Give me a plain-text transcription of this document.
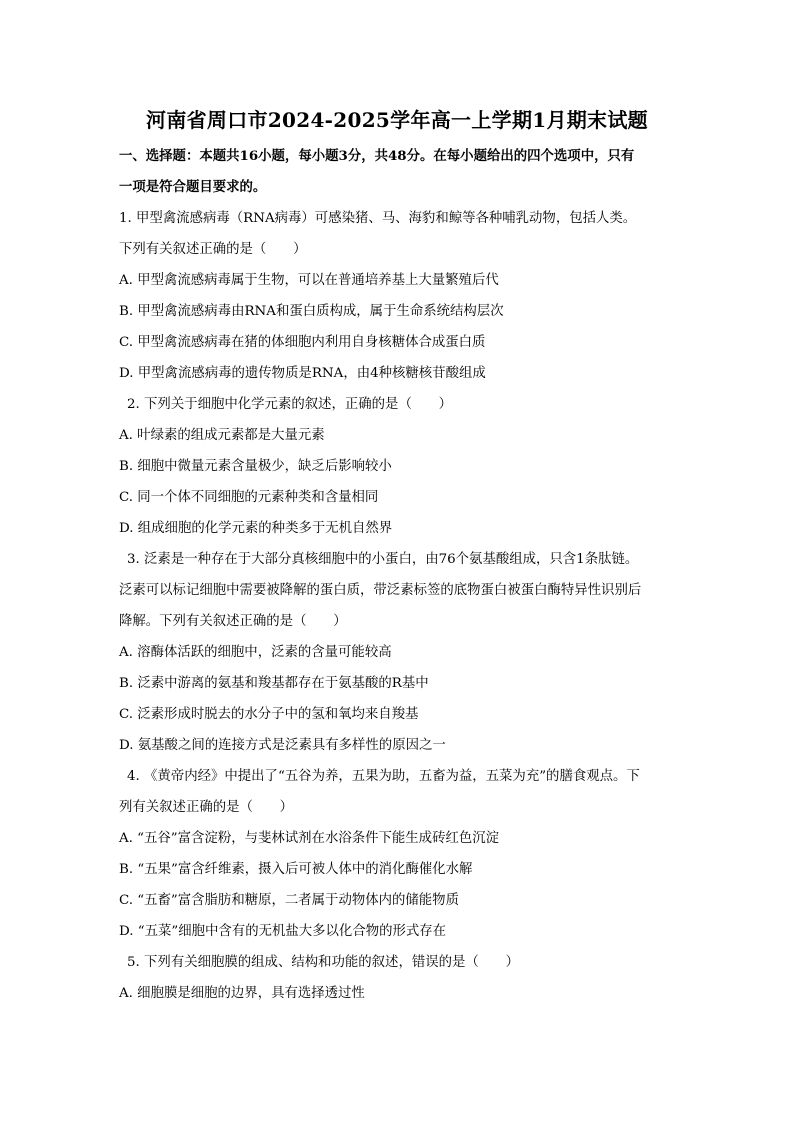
河南省周口市2024-2025学年高一上学期1月期末试题
一、选择题：本题共16小题，每小题3分，共48分。在每小题给出的四个选项中，只有
一项是符合题目要求的。
1. 甲型禽流感病毒（RNA病毒）可感染猪、马、海豹和鲸等各种哺乳动物，包括人类。
下列有关叙述正确的是（　　）
A. 甲型禽流感病毒属于生物，可以在普通培养基上大量繁殖后代
B. 甲型禽流感病毒由RNA和蛋白质构成，属于生命系统结构层次
C. 甲型禽流感病毒在猪的体细胞内利用自身核糖体合成蛋白质
D. 甲型禽流感病毒的遗传物质是RNA，由4种核糖核苷酸组成
2. 下列关于细胞中化学元素的叙述，正确的是（　　）
A. 叶绿素的组成元素都是大量元素
B. 细胞中微量元素含量极少，缺乏后影响较小
C. 同一个体不同细胞的元素种类和含量相同
D. 组成细胞的化学元素的种类多于无机自然界
3. 泛素是一种存在于大部分真核细胞中的小蛋白，由76个氨基酸组成，只含1条肽链。
泛素可以标记细胞中需要被降解的蛋白质，带泛素标签的底物蛋白被蛋白酶特异性识别后
降解。下列有关叙述正确的是（　　）
A. 溶酶体活跃的细胞中，泛素的含量可能较高
B. 泛素中游离的氨基和羧基都存在于氨基酸的R基中
C. 泛素形成时脱去的水分子中的氢和氧均来自羧基
D. 氨基酸之间的连接方式是泛素具有多样性的原因之一
4. 《黄帝内经》中提出了“五谷为养，五果为助，五畜为益，五菜为充”的膳食观点。下
列有关叙述正确的是（　　）
A. “五谷”富含淀粉，与斐林试剂在水浴条件下能生成砖红色沉淀
B. “五果”富含纤维素，摄入后可被人体中的消化酶催化水解
C. “五畜”富含脂肪和糖原，二者属于动物体内的储能物质
D. “五菜”细胞中含有的无机盐大多以化合物的形式存在
5. 下列有关细胞膜的组成、结构和功能的叙述，错误的是（　　）
A. 细胞膜是细胞的边界，具有选择透过性
